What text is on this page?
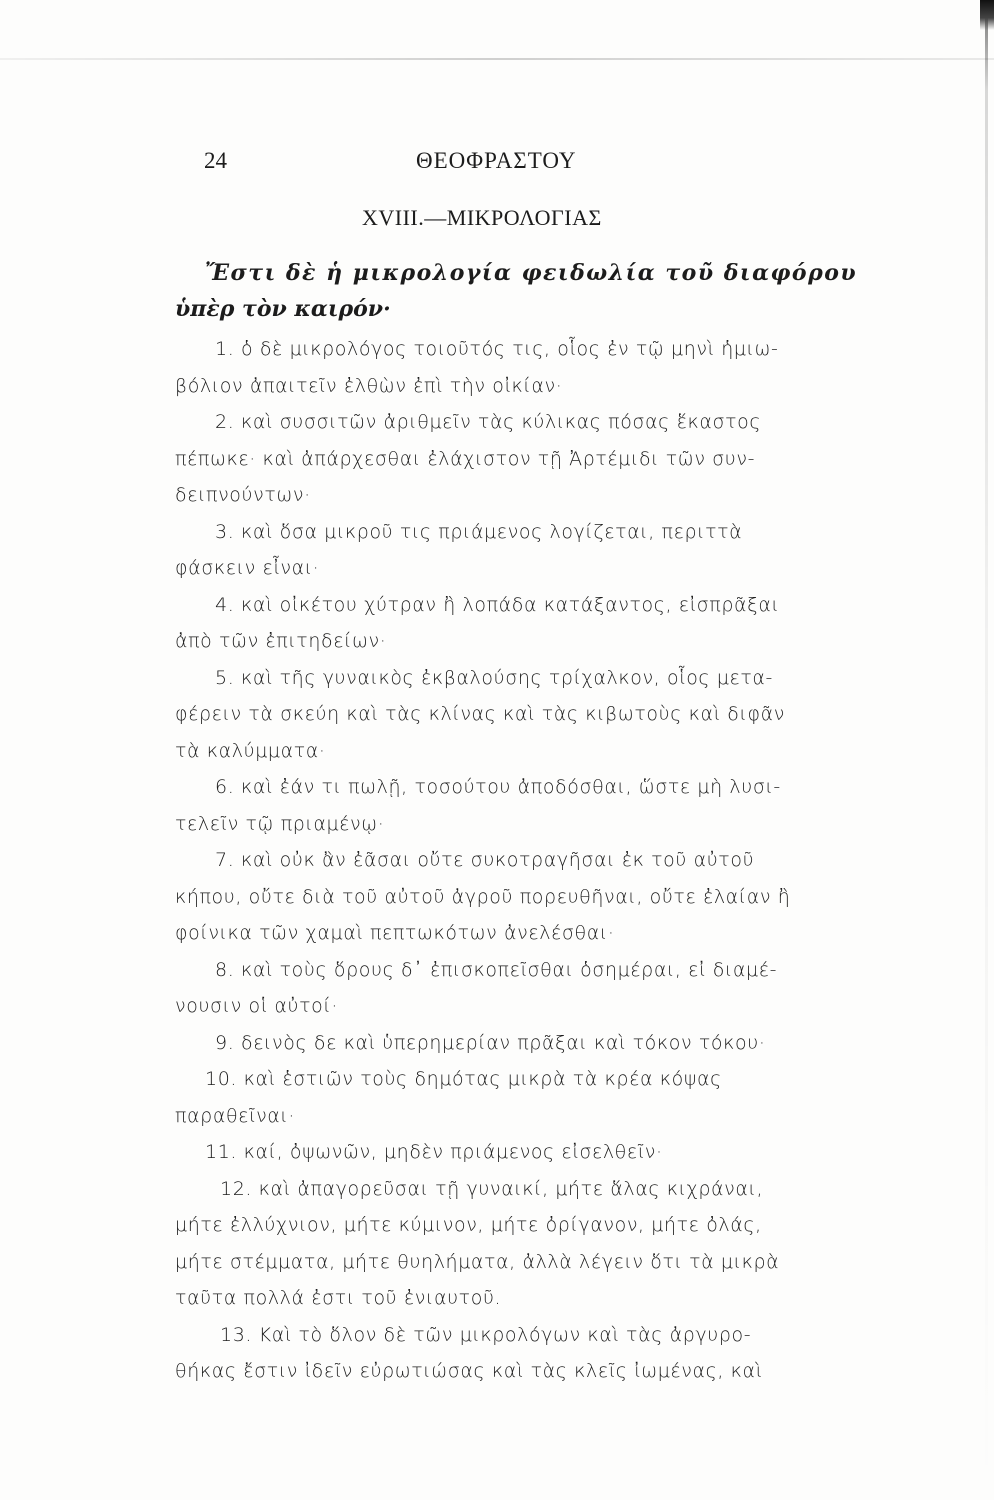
24	ΘΕΟΦΡΑΣΤΟΥ
XVIII.—ΜΙΚΡΟΛΟΓΙΑΣ
Ἔστι δὲ ἡ μικρολογία φειδωλία τοῦ διαφόρου
ὑπὲρ τὸν καιρόν·
1. ὁ δὲ μικρολόγος τοιοῦτός τις, οἷος ἐν τῷ μηνὶ ἡμιω-
βόλιον ἀπαιτεῖν ἐλθὼν ἐπὶ τὴν οἰκίαν·
2. καὶ συσσιτῶν ἀριθμεῖν τὰς κύλικας πόσας ἕκαστος
πέπωκε· καὶ ἀπάρχεσθαι ἐλάχιστον τῇ Ἀρτέμιδι τῶν συν-
δειπνούντων·
3. καὶ ὅσα μικροῦ τις πριάμενος λογίζεται, περιττὰ
φάσκειν εἶναι·
4. καὶ οἰκέτου χύτραν ἢ λοπάδα κατάξαντος, εἰσπρᾶξαι
ἀπὸ τῶν ἐπιτηδείων·
5. καὶ τῆς γυναικὸς ἐκβαλούσης τρίχαλκον, οἷος μετα-
φέρειν τὰ σκεύη καὶ τὰς κλίνας καὶ τὰς κιβωτοὺς καὶ διφᾶν
τὰ καλύμματα·
6. καὶ ἐάν τι πωλῇ, τοσούτου ἀποδόσθαι, ὥστε μὴ λυσι-
τελεῖν τῷ πριαμένῳ·
7. καὶ οὐκ ἂν ἐᾶσαι οὔτε συκοτραγῆσαι ἐκ τοῦ αὐτοῦ
κήπου, οὔτε διὰ τοῦ αὐτοῦ ἀγροῦ πορευθῆναι, οὔτε ἐλαίαν ἢ
φοίνικα τῶν χαμαὶ πεπτωκότων ἀνελέσθαι·
8. καὶ τοὺς ὅρους δ᾽ ἐπισκοπεῖσθαι ὁσημέραι, εἰ διαμέ-
νουσιν οἱ αὐτοί·
9. δεινὸς δε καὶ ὑπερημερίαν πρᾶξαι καὶ τόκον τόκου·
10. καὶ ἑστιῶν τοὺς δημότας μικρὰ τὰ κρέα κόψας
παραθεῖναι·
11. καί, ὀψωνῶν, μηδὲν πριάμενος εἰσελθεῖν·
12. καὶ ἀπαγορεῦσαι τῇ γυναικί, μήτε ἅλας κιχράναι,
μήτε ἐλλύχνιον, μήτε κύμινον, μήτε ὀρίγανον, μήτε ὀλάς,
μήτε στέμματα, μήτε θυηλήματα, ἀλλὰ λέγειν ὅτι τὰ μικρὰ
ταῦτα πολλά ἐστι τοῦ ἐνιαυτοῦ.
13. Καὶ τὸ ὅλον δὲ τῶν μικρολόγων καὶ τὰς ἀργυρο-
θήκας ἔστιν ἰδεῖν εὐρωτιώσας καὶ τὰς κλεῖς ἰωμένας, καὶ
